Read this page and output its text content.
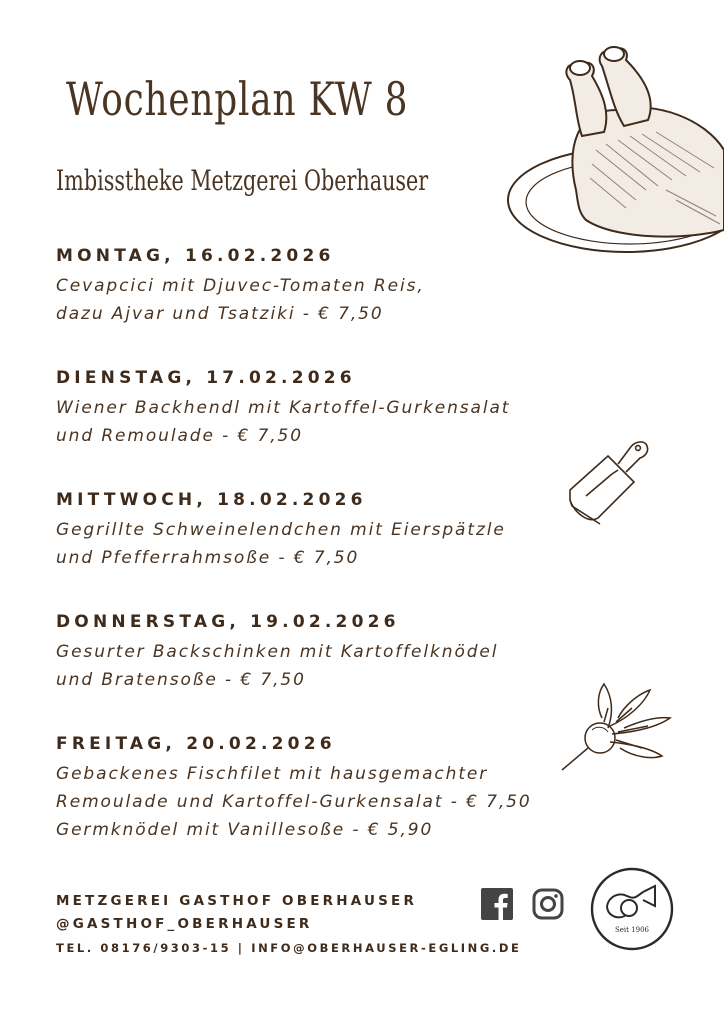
Wochenplan KW 8
Imbisstheke Metzgerei Oberhauser
MONTAG, 16.02.2026
Cevapcici mit Djuvec-Tomaten Reis,
dazu Ajvar und Tsatziki - € 7,50
DIENSTAG, 17.02.2026
Wiener Backhendl mit Kartoffel-Gurkensalat
und Remoulade - € 7,50
MITTWOCH, 18.02.2026
Gegrillte Schweinelendchen mit Eierspätzle
und Pfefferrahmsoße - € 7,50
DONNERSTAG, 19.02.2026
Gesurter Backschinken mit Kartoffelknödel
und Bratensoße - € 7,50
FREITAG, 20.02.2026
Gebackenes Fischfilet mit hausgemachter
Remoulade und Kartoffel-Gurkensalat - € 7,50
Germknödel mit Vanillesoße - € 5,90
METZGEREI GASTHOF OBERHAUSER
@GASTHOF_OBERHAUSER
TEL. 08176/9303-15 | INFO@OBERHAUSER-EGLING.DE
Seit 1906
